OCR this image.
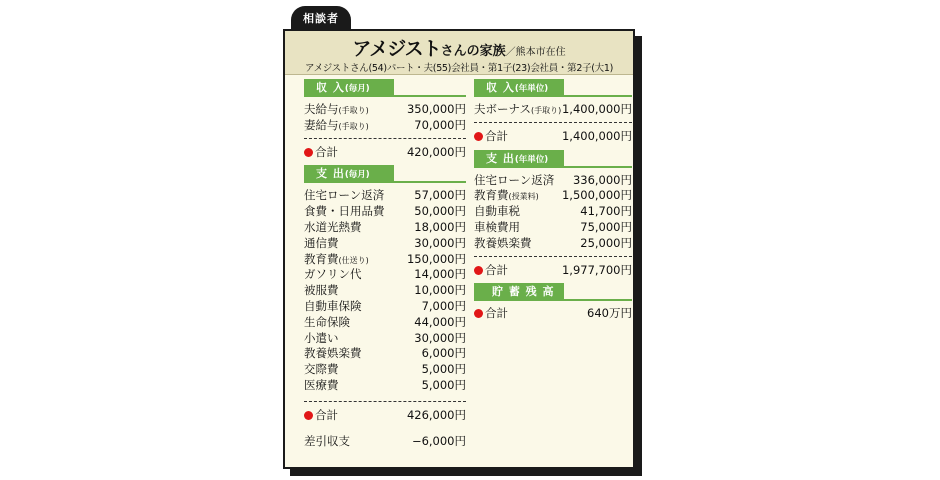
相談者
アメジストさんの家族／熊本市在住
アメジストさん(54)パート・夫(55)会社員・第1子(23)会社員・第2子(大1)
収 入(毎月)
夫給与(手取り)	350,000円
妻給与(手取り)	70,000円
合計	420,000円
支 出(毎月)
住宅ローン返済	57,000円
食費・日用品費	50,000円
水道光熱費	18,000円
通信費	30,000円
教育費(仕送り)	150,000円
ガソリン代	14,000円
被服費	10,000円
自動車保険	7,000円
生命保険	44,000円
小遣い	30,000円
教養娯楽費	6,000円
交際費	5,000円
医療費	5,000円
合計	426,000円
差引収支	−6,000円
収 入(年単位)
夫ボーナス(手取り) 1,400,000円
合計	1,400,000円
支 出(年単位)
住宅ローン返済 336,000円
教育費(授業料) 1,500,000円
自動車税	41,700円
車検費用	75,000円
教養娯楽費	25,000円
合計	1,977,700円
貯 蓄 残 高
合計	640万円
